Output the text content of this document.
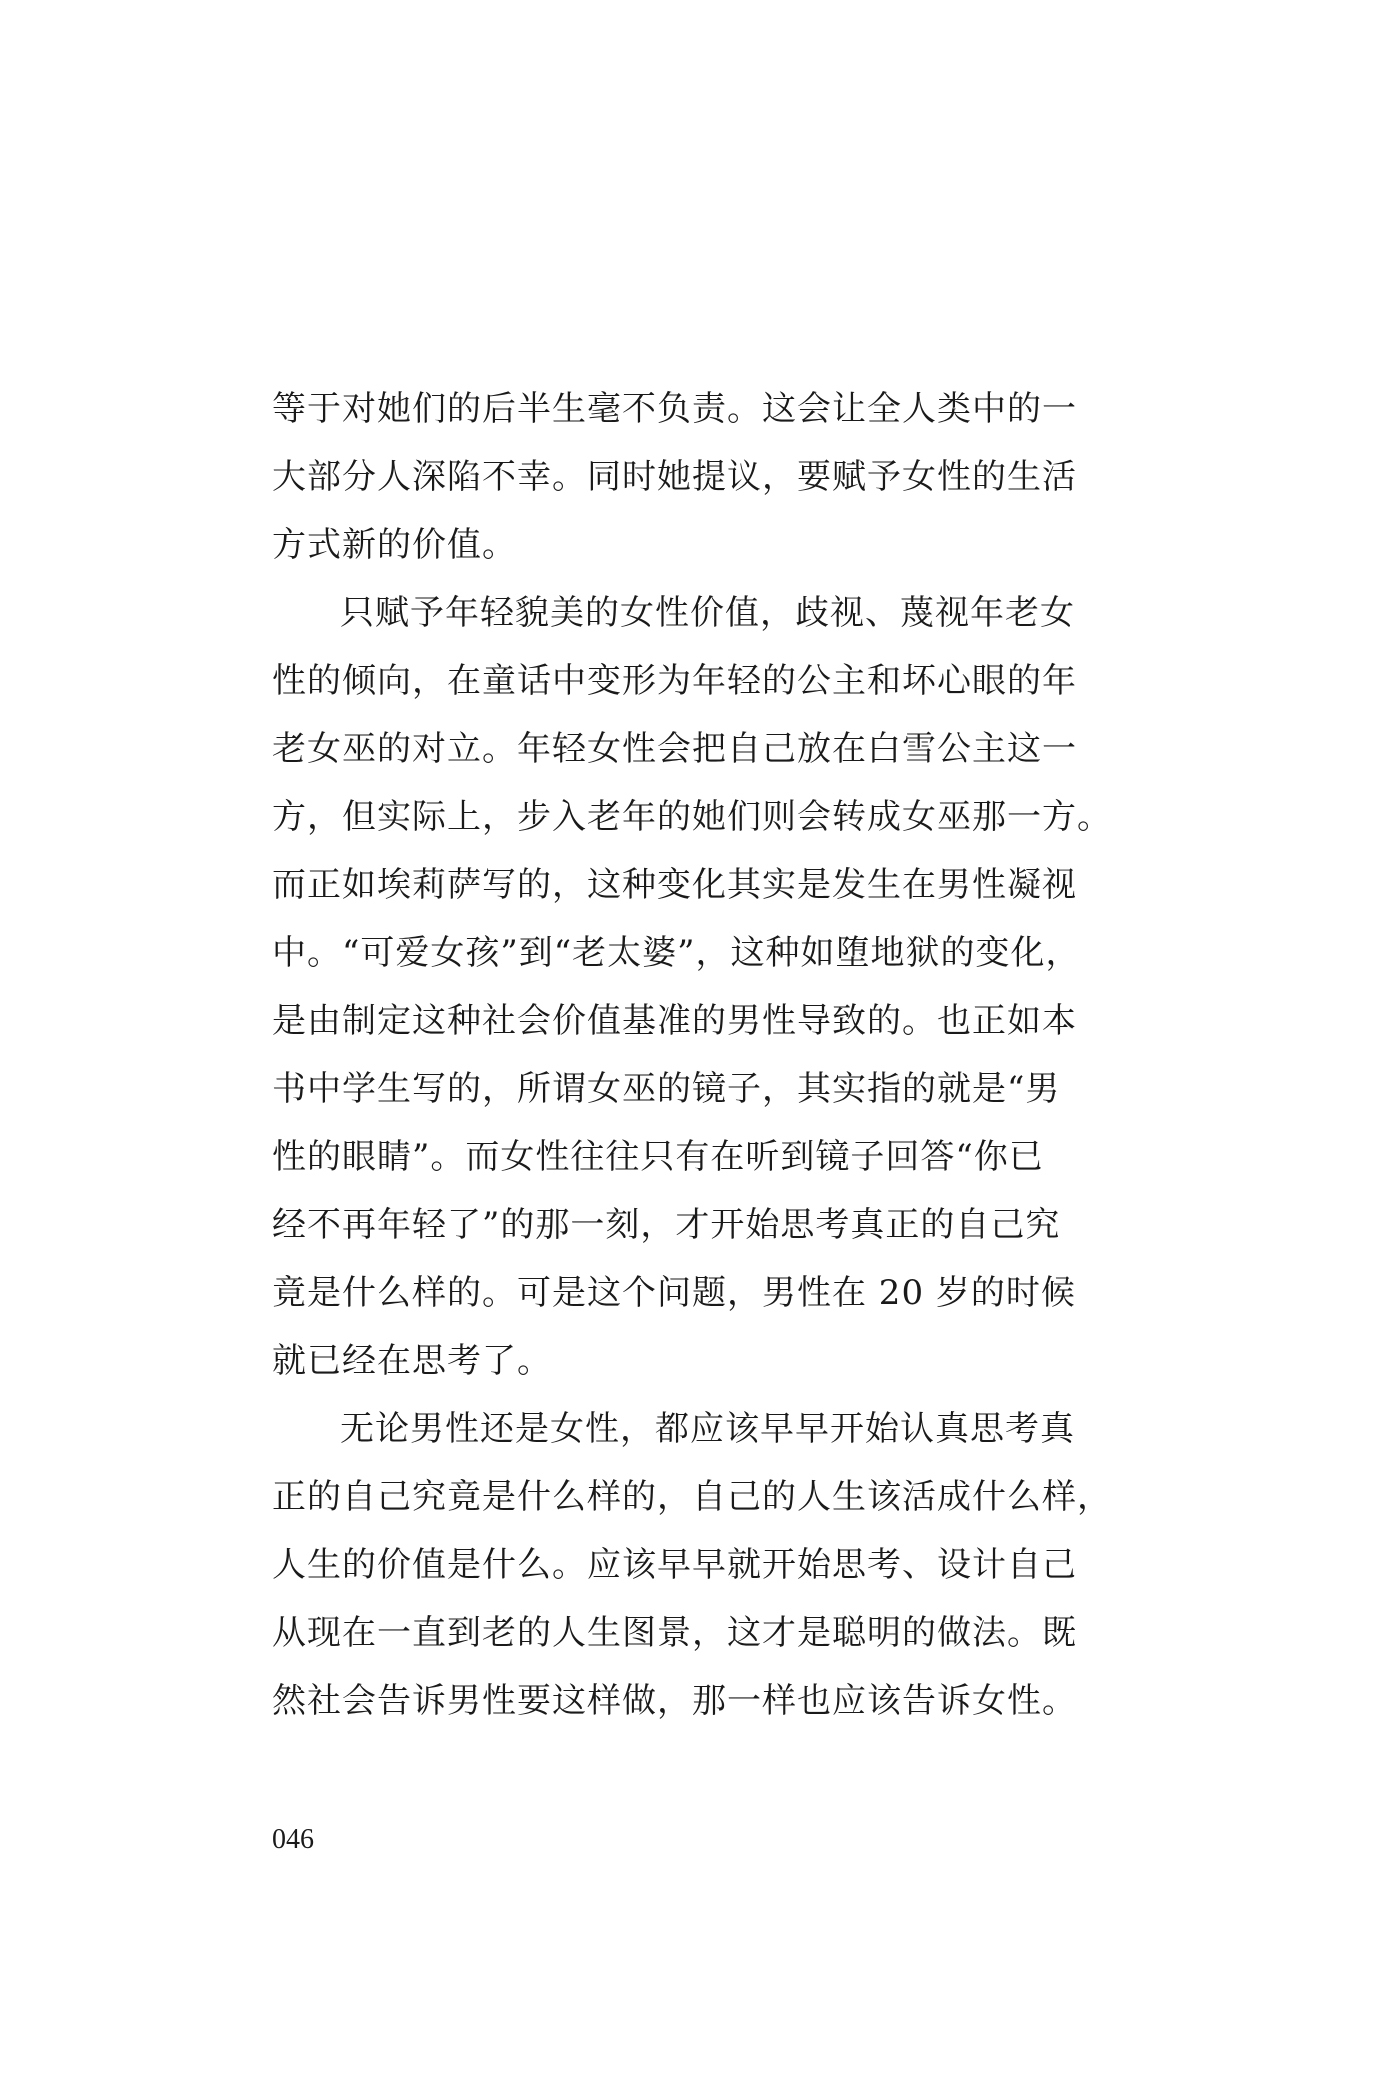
等于对她们的后半生毫不负责。这会让全人类中的一
大部分人深陷不幸。同时她提议，要赋予女性的生活
方式新的价值。
只赋予年轻貌美的女性价值，歧视、蔑视年老女
性的倾向，在童话中变形为年轻的公主和坏心眼的年
老女巫的对立。年轻女性会把自己放在白雪公主这一
方，但实际上，步入老年的她们则会转成女巫那一方。
而正如埃莉萨写的，这种变化其实是发生在男性凝视
中。“可爱女孩”到“老太婆”，这种如堕地狱的变化，
是由制定这种社会价值基准的男性导致的。也正如本
书中学生写的，所谓女巫的镜子，其实指的就是“男
性的眼睛”。而女性往往只有在听到镜子回答“你已
经不再年轻了”的那一刻，才开始思考真正的自己究
竟是什么样的。可是这个问题，男性在 20 岁的时候
就已经在思考了。
无论男性还是女性，都应该早早开始认真思考真
正的自己究竟是什么样的，自己的人生该活成什么样，
人生的价值是什么。应该早早就开始思考、设计自己
从现在一直到老的人生图景，这才是聪明的做法。既
然社会告诉男性要这样做，那一样也应该告诉女性。
046
